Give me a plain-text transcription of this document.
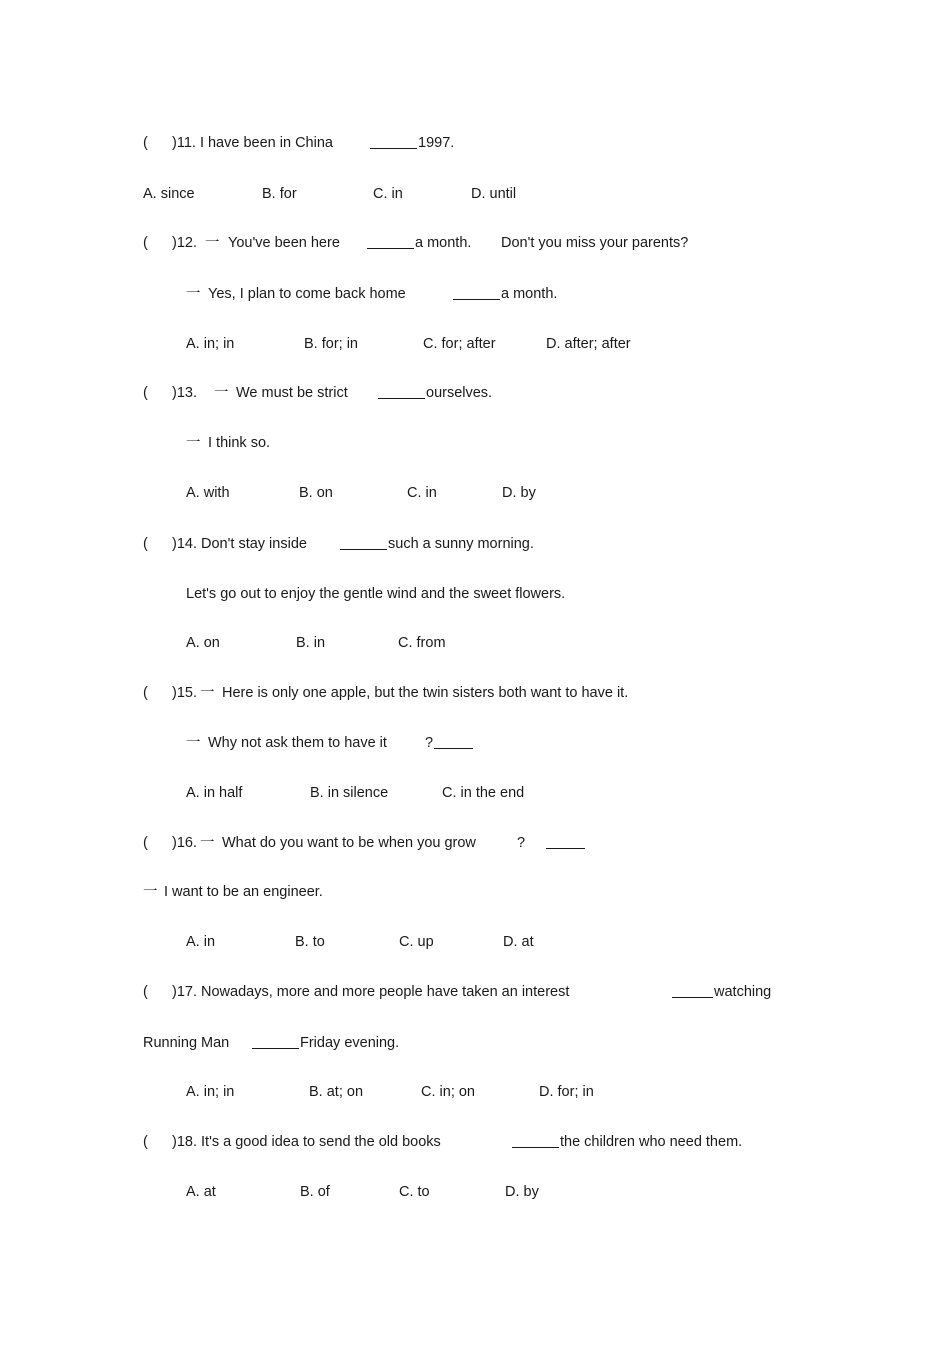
( )11. I have been in China	1997.
A. since	B. for	C. in	D. until
( )12. 一 You've been here	a month. Don't you miss your parents?
一 Yes, I plan to come back home	a month.
A. in; in	B. for; in	C. for; after	D. after; after
( )13. 一 We must be strict	ourselves.
一 I think so.
A. with	B. on	C. in	D. by
( )14. Don't stay inside	such a sunny morning.
Let's go out to enjoy the gentle wind and the sweet flowers.
A. on	B. in	C. from
( )15. 一 Here is only one apple, but the twin sisters both want to have it.
一 Why not ask them to have it	?
A. in half	B. in silence	C. in the end
( )16. 一 What do you want to be when you grow	?
一 I want to be an engineer.
A. in	B. to	C. up	D. at
( )17. Nowadays, more and more people have taken an interest	watching
Running Man	Friday evening.
A. in; in	B. at; on	C. in; on	D. for; in
( )18. It's a good idea to send the old books	the children who need them.
A. at	B. of	C. to	D. by
